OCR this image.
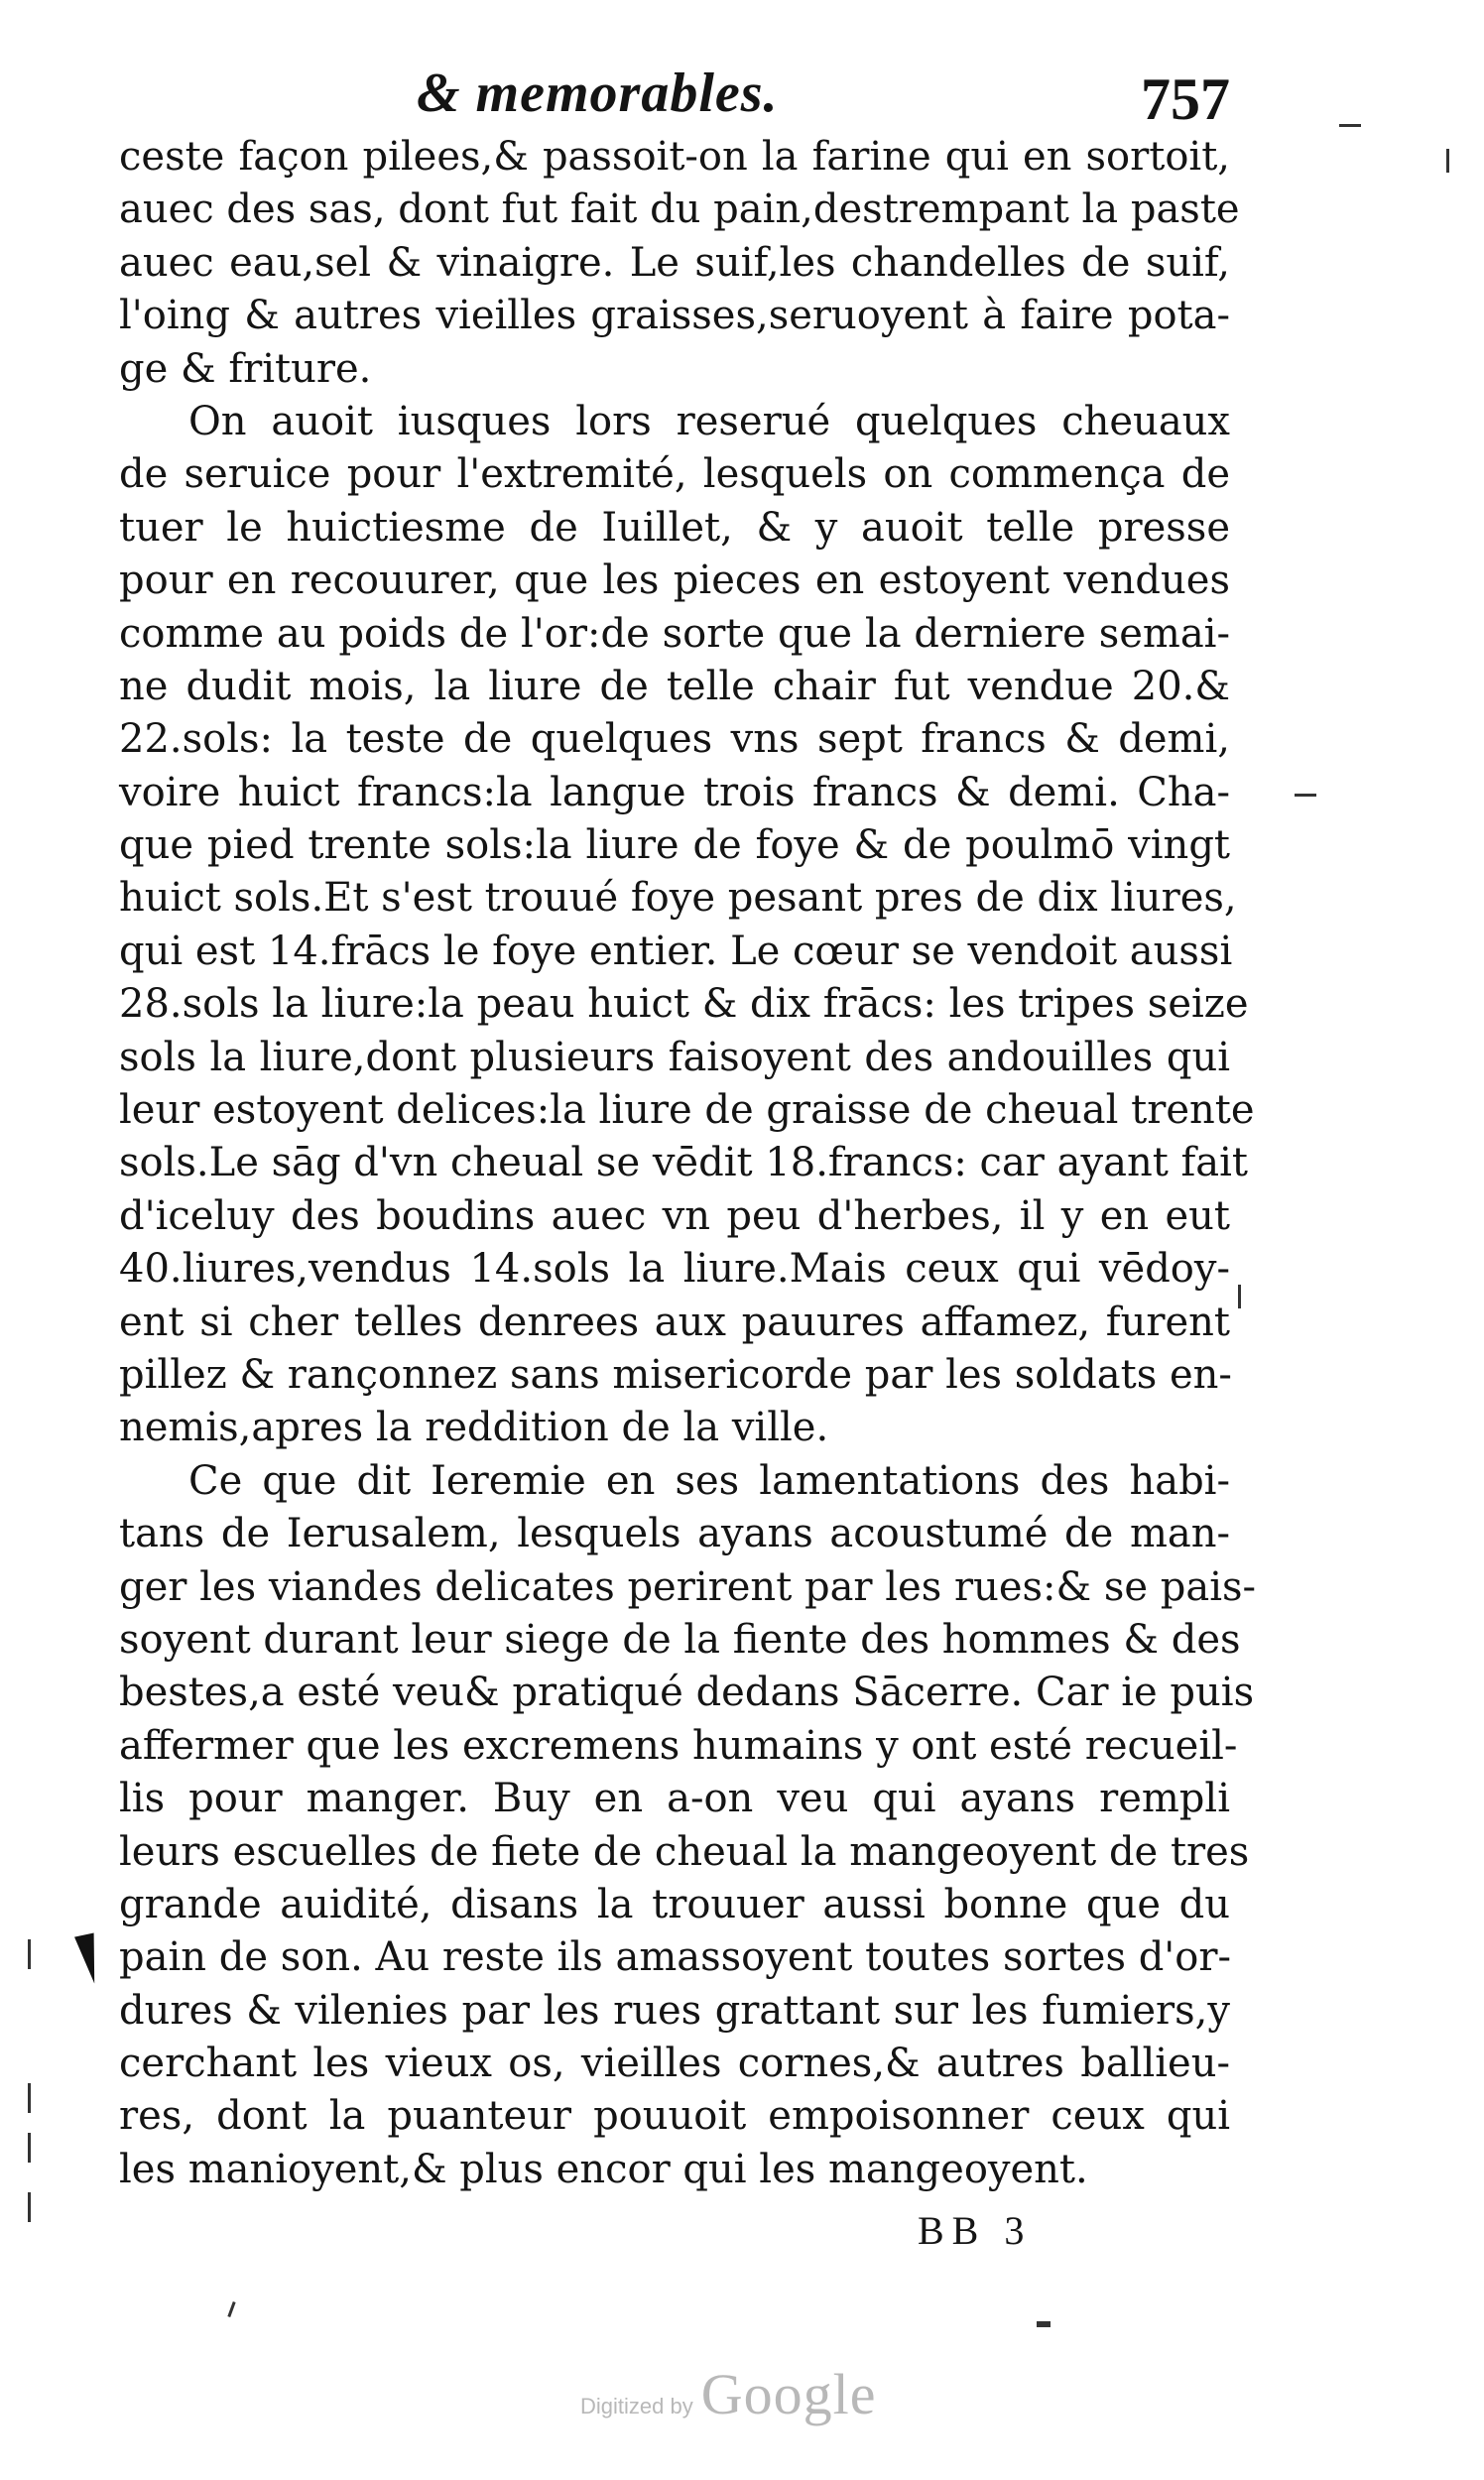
& memorables.	757
ceste façon pilees,& passoit-on la farine qui en sortoit,
auec des sas, dont fut fait du pain,destrempant la paste
auec eau,sel & vinaigre. Le suif,les chandelles de suif,
l'oing & autres vieilles graisses,seruoyent à faire pota-
ge & friture.
On auoit iusques lors reserué quelques cheuaux
de seruice pour l'extremité, lesquels on commença de
tuer le huictiesme de Iuillet, & y auoit telle presse
pour en recouurer, que les pieces en estoyent vendues
comme au poids de l'or:de sorte que la derniere semai-
ne dudit mois, la liure de telle chair fut vendue 20.&
22.sols: la teste de quelques vns sept francs & demi,
voire huict francs:la langue trois francs & demi. Cha-
que pied trente sols:la liure de foye & de poulmō vingt
huict sols.Et s'est trouué foye pesant pres de dix liures,
qui est 14.frācs le foye entier. Le cœur se vendoit aussi
28.sols la liure:la peau huict & dix frācs: les tripes seize
sols la liure,dont plusieurs faisoyent des andouilles qui
leur estoyent delices:la liure de graisse de cheual trente
sols.Le sāg d'vn cheual se vēdit 18.francs: car ayant fait
d'iceluy des boudins auec vn peu d'herbes, il y en eut
40.liures,vendus 14.sols la liure.Mais ceux qui vēdoy-
ent si cher telles denrees aux pauures affamez, furent
pillez & rançonnez sans misericorde par les soldats en-
nemis,apres la reddition de la ville.
Ce que dit Ieremie en ses lamentations des habi-
tans de Ierusalem, lesquels ayans acoustumé de man-
ger les viandes delicates perirent par les rues:& se pais-
soyent durant leur siege de la fiente des hommes & des
bestes,a esté veu& pratiqué dedans Sācerre. Car ie puis
affermer que les excremens humains y ont esté recueil-
lis pour manger. Buy en a-on veu qui ayans rempli
leurs escuelles de fiete de cheual la mangeoyent de tres
grande auidité, disans la trouuer aussi bonne que du
pain de son. Au reste ils amassoyent toutes sortes d'or-
dures & vilenies par les rues grattant sur les fumiers,y
cerchant les vieux os, vieilles cornes,& autres ballieu-
res, dont la puanteur pouuoit empoisonner ceux qui
les manioyent,& plus encor qui les mangeoyent.
BB 3
Digitized by Google
